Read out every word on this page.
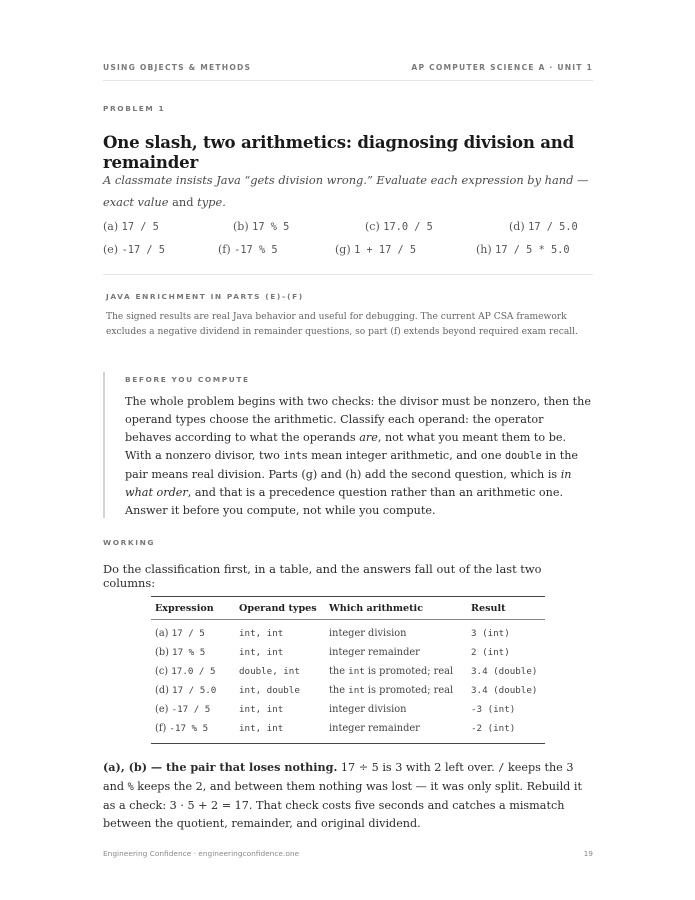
USING OBJECTS & METHODS	AP COMPUTER SCIENCE A · UNIT 1
PROBLEM 1
One slash, two arithmetics: diagnosing division and remainder

A classmate insists Java “gets division wrong.” Evaluate each expression by hand — exact value and type.

(a) 17 / 5	(b) 17 % 5	(c) 17.0 / 5	(d) 17 / 5.0
(e) -17 / 5	(f) -17 % 5	(g) 1 + 17 / 5	(h) 17 / 5 * 5.0
JAVA ENRICHMENT IN PARTS (E)–(F)

The signed results are real Java behavior and useful for debugging. The current AP CSA framework excludes a negative dividend in remainder questions, so part (f) extends beyond required exam recall.

BEFORE YOU COMPUTE

The whole problem begins with two checks: the divisor must be nonzero, then the operand types choose the arithmetic. Classify each operand: the operator behaves according to what the operands are, not what you meant them to be. With a nonzero divisor, two ints mean integer arithmetic, and one double in the pair means real division. Parts (g) and (h) add the second question, which is in what order, and that is a precedence question rather than an arithmetic one. Answer it before you compute, not while you compute.

WORKING

Do the classification first, in a table, and the answers fall out of the last two columns:

Expression	Operand types	Which arithmetic	Result
(a) 17 / 5	int, int	integer division	3 (int)
(b) 17 % 5	int, int	integer remainder	2 (int)
(c) 17.0 / 5	double, int	the int is promoted; real	3.4 (double)
(d) 17 / 5.0	int, double	the int is promoted; real	3.4 (double)
(e) -17 / 5	int, int	integer division	-3 (int)
(f) -17 % 5	int, int	integer remainder	-2 (int)

(a), (b) — the pair that loses nothing. 17 ÷ 5 is 3 with 2 left over. / keeps the 3 and % keeps the 2, and between them nothing was lost — it was only split. Rebuild it as a check: 3 · 5 + 2 = 17. That check costs five seconds and catches a mismatch between the quotient, remainder, and original dividend.

Engineering Confidence · engineeringconfidence.one	19
